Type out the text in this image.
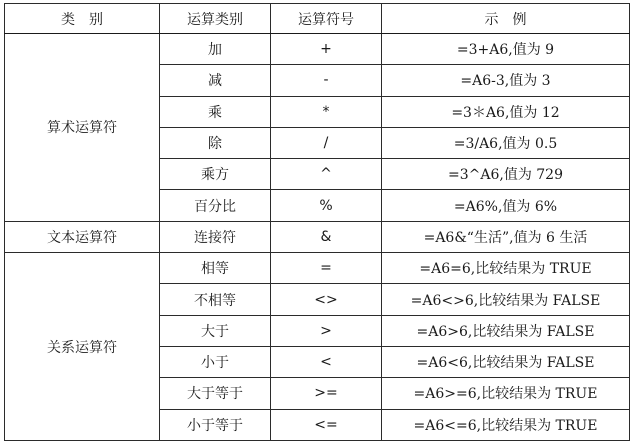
类　别	运算类别	运算符号	示　例
算术运算符	加	+	=3+A6,值为 9
	减	-	=A6-3,值为 3
	乘	*	=3＊A6,值为 12
	除	/	=3/A6,值为 0.5
	乘方	^	=3^A6,值为 729
	百分比	%	=A6%,值为 6%
文本运算符	连接符	&	=A6&“生活”,值为 6 生活
关系运算符	相等	=	=A6=6,比较结果为 TRUE
	不相等	<>	=A6<>6,比较结果为 FALSE
	大于	>	=A6>6,比较结果为 FALSE
	小于	<	=A6<6,比较结果为 FALSE
	大于等于	>=	=A6>=6,比较结果为 TRUE
	小于等于	<=	=A6<=6,比较结果为 TRUE
